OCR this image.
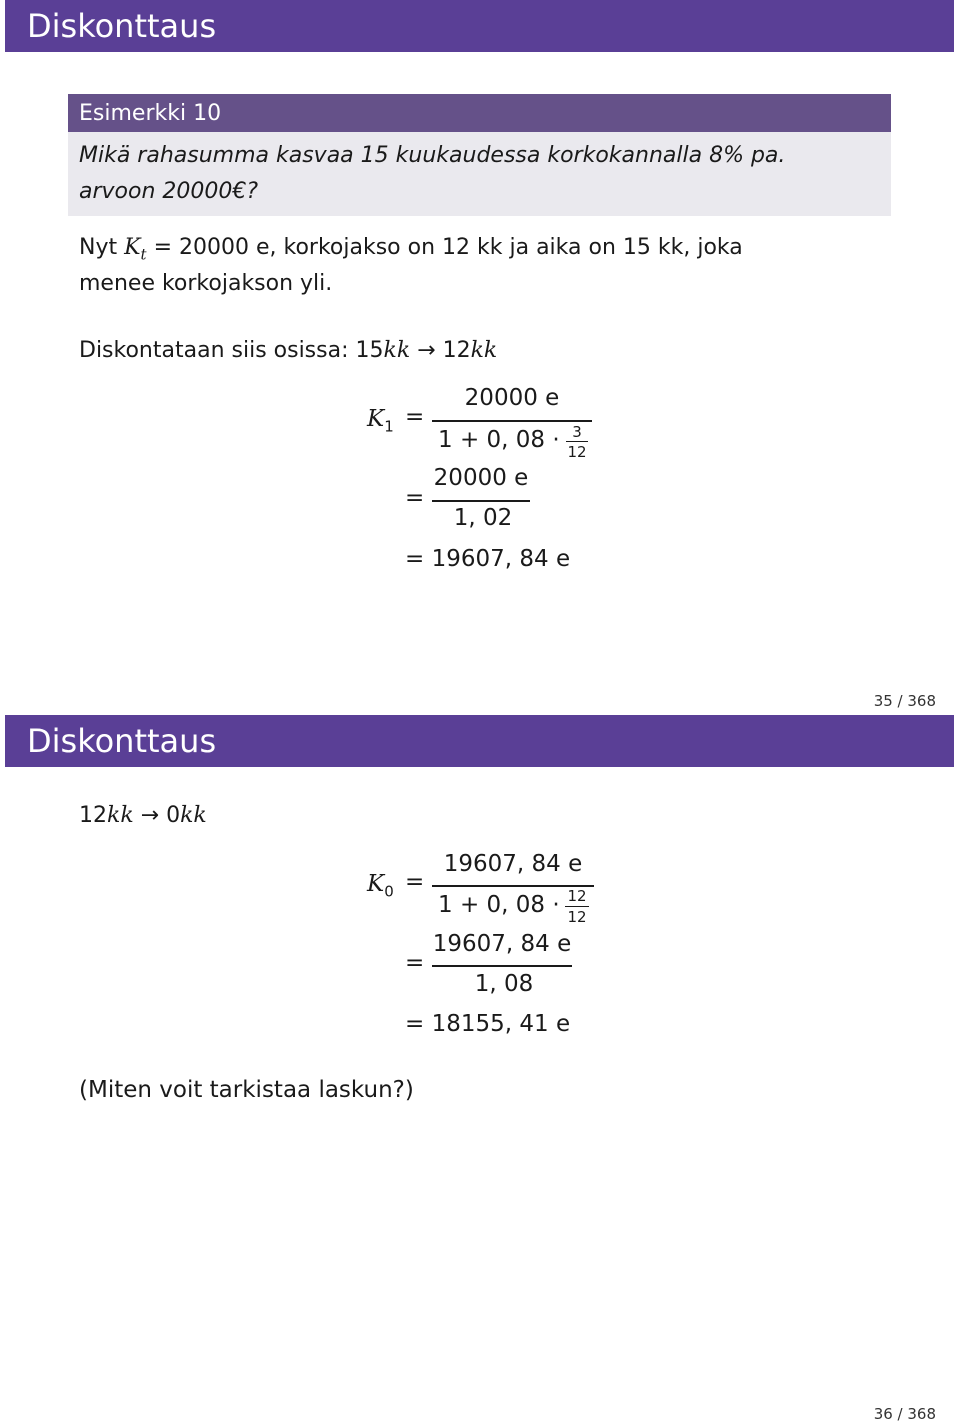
Diskonttaus
Esimerkki 10
Mikä rahasumma kasvaa 15 kuukaudessa korkokannalla 8% pa.
arvoon 20000€?
Nyt $K_t = 20000$ e, korkojakso on 12 kk ja aika on 15 kk, joka
menee korkojakson yli.
Diskontataan siis osissa: 15kk → 12kk
$K_1$ =
20000 e
1 + 0, 08 · 3
12
=
20000 e
1, 02
= 19607, 84 e
35 / 368
Diskonttaus
12kk → 0kk
$K_0$ =
19607, 84 e
1 + 0, 08 · 12
12
=
19607, 84 e
1, 08
= 18155, 41 e
(Miten voit tarkistaa laskun?)
36 / 368
